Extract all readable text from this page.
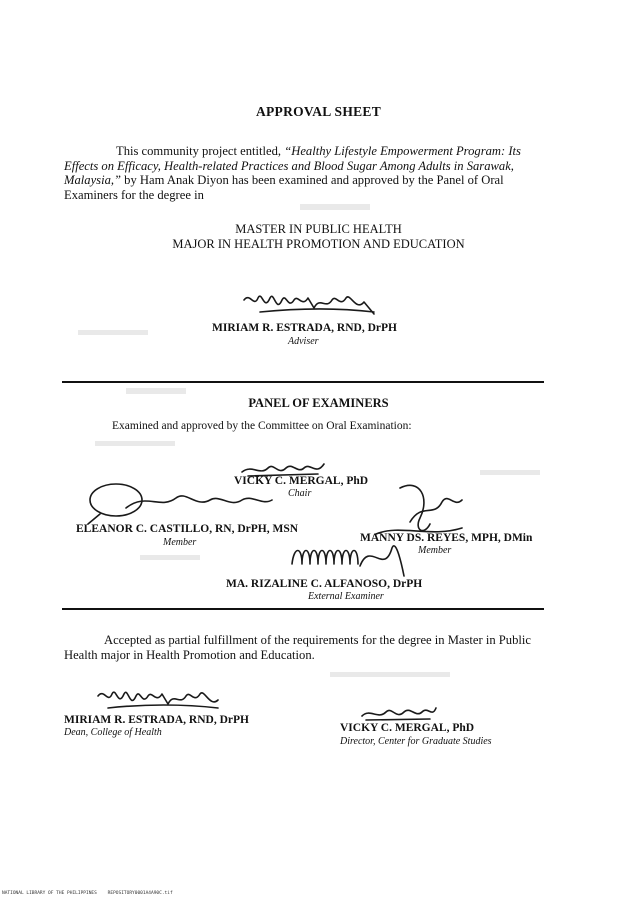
APPROVAL SHEET
This community project entitled, “Healthy Lifestyle Empowerment Program: Its Effects on Efficacy, Health-related Practices and Blood Sugar Among Adults in Sarawak, Malaysia,” by Ham Anak Diyon has been examined and approved by the Panel of Oral Examiners for the degree in
MASTER IN PUBLIC HEALTH
MAJOR IN HEALTH PROMOTION AND EDUCATION
MIRIAM R. ESTRADA, RND, DrPH
Adviser
PANEL OF EXAMINERS
Examined and approved by the Committee on Oral Examination:
VICKY C. MERGAL, PhD
Chair
ELEANOR C. CASTILLO, RN, DrPH, MSN
Member	MANNY DS. REYES, MPH, DMin
Member
MA. RIZALINE C. ALFANOSO, DrPH
External Examiner
Accepted as partial fulfillment of the requirements for the degree in Master in Public Health major in Health Promotion and Education.
MIRIAM R. ESTRADA, RND, DrPH
Dean, College of Health	VICKY C. MERGAL, PhD
Director, Center for Graduate Studies
NATIONAL LIBRARY OF THE PHILIPPINES    REPOSITORY0001A4A90C.tif
